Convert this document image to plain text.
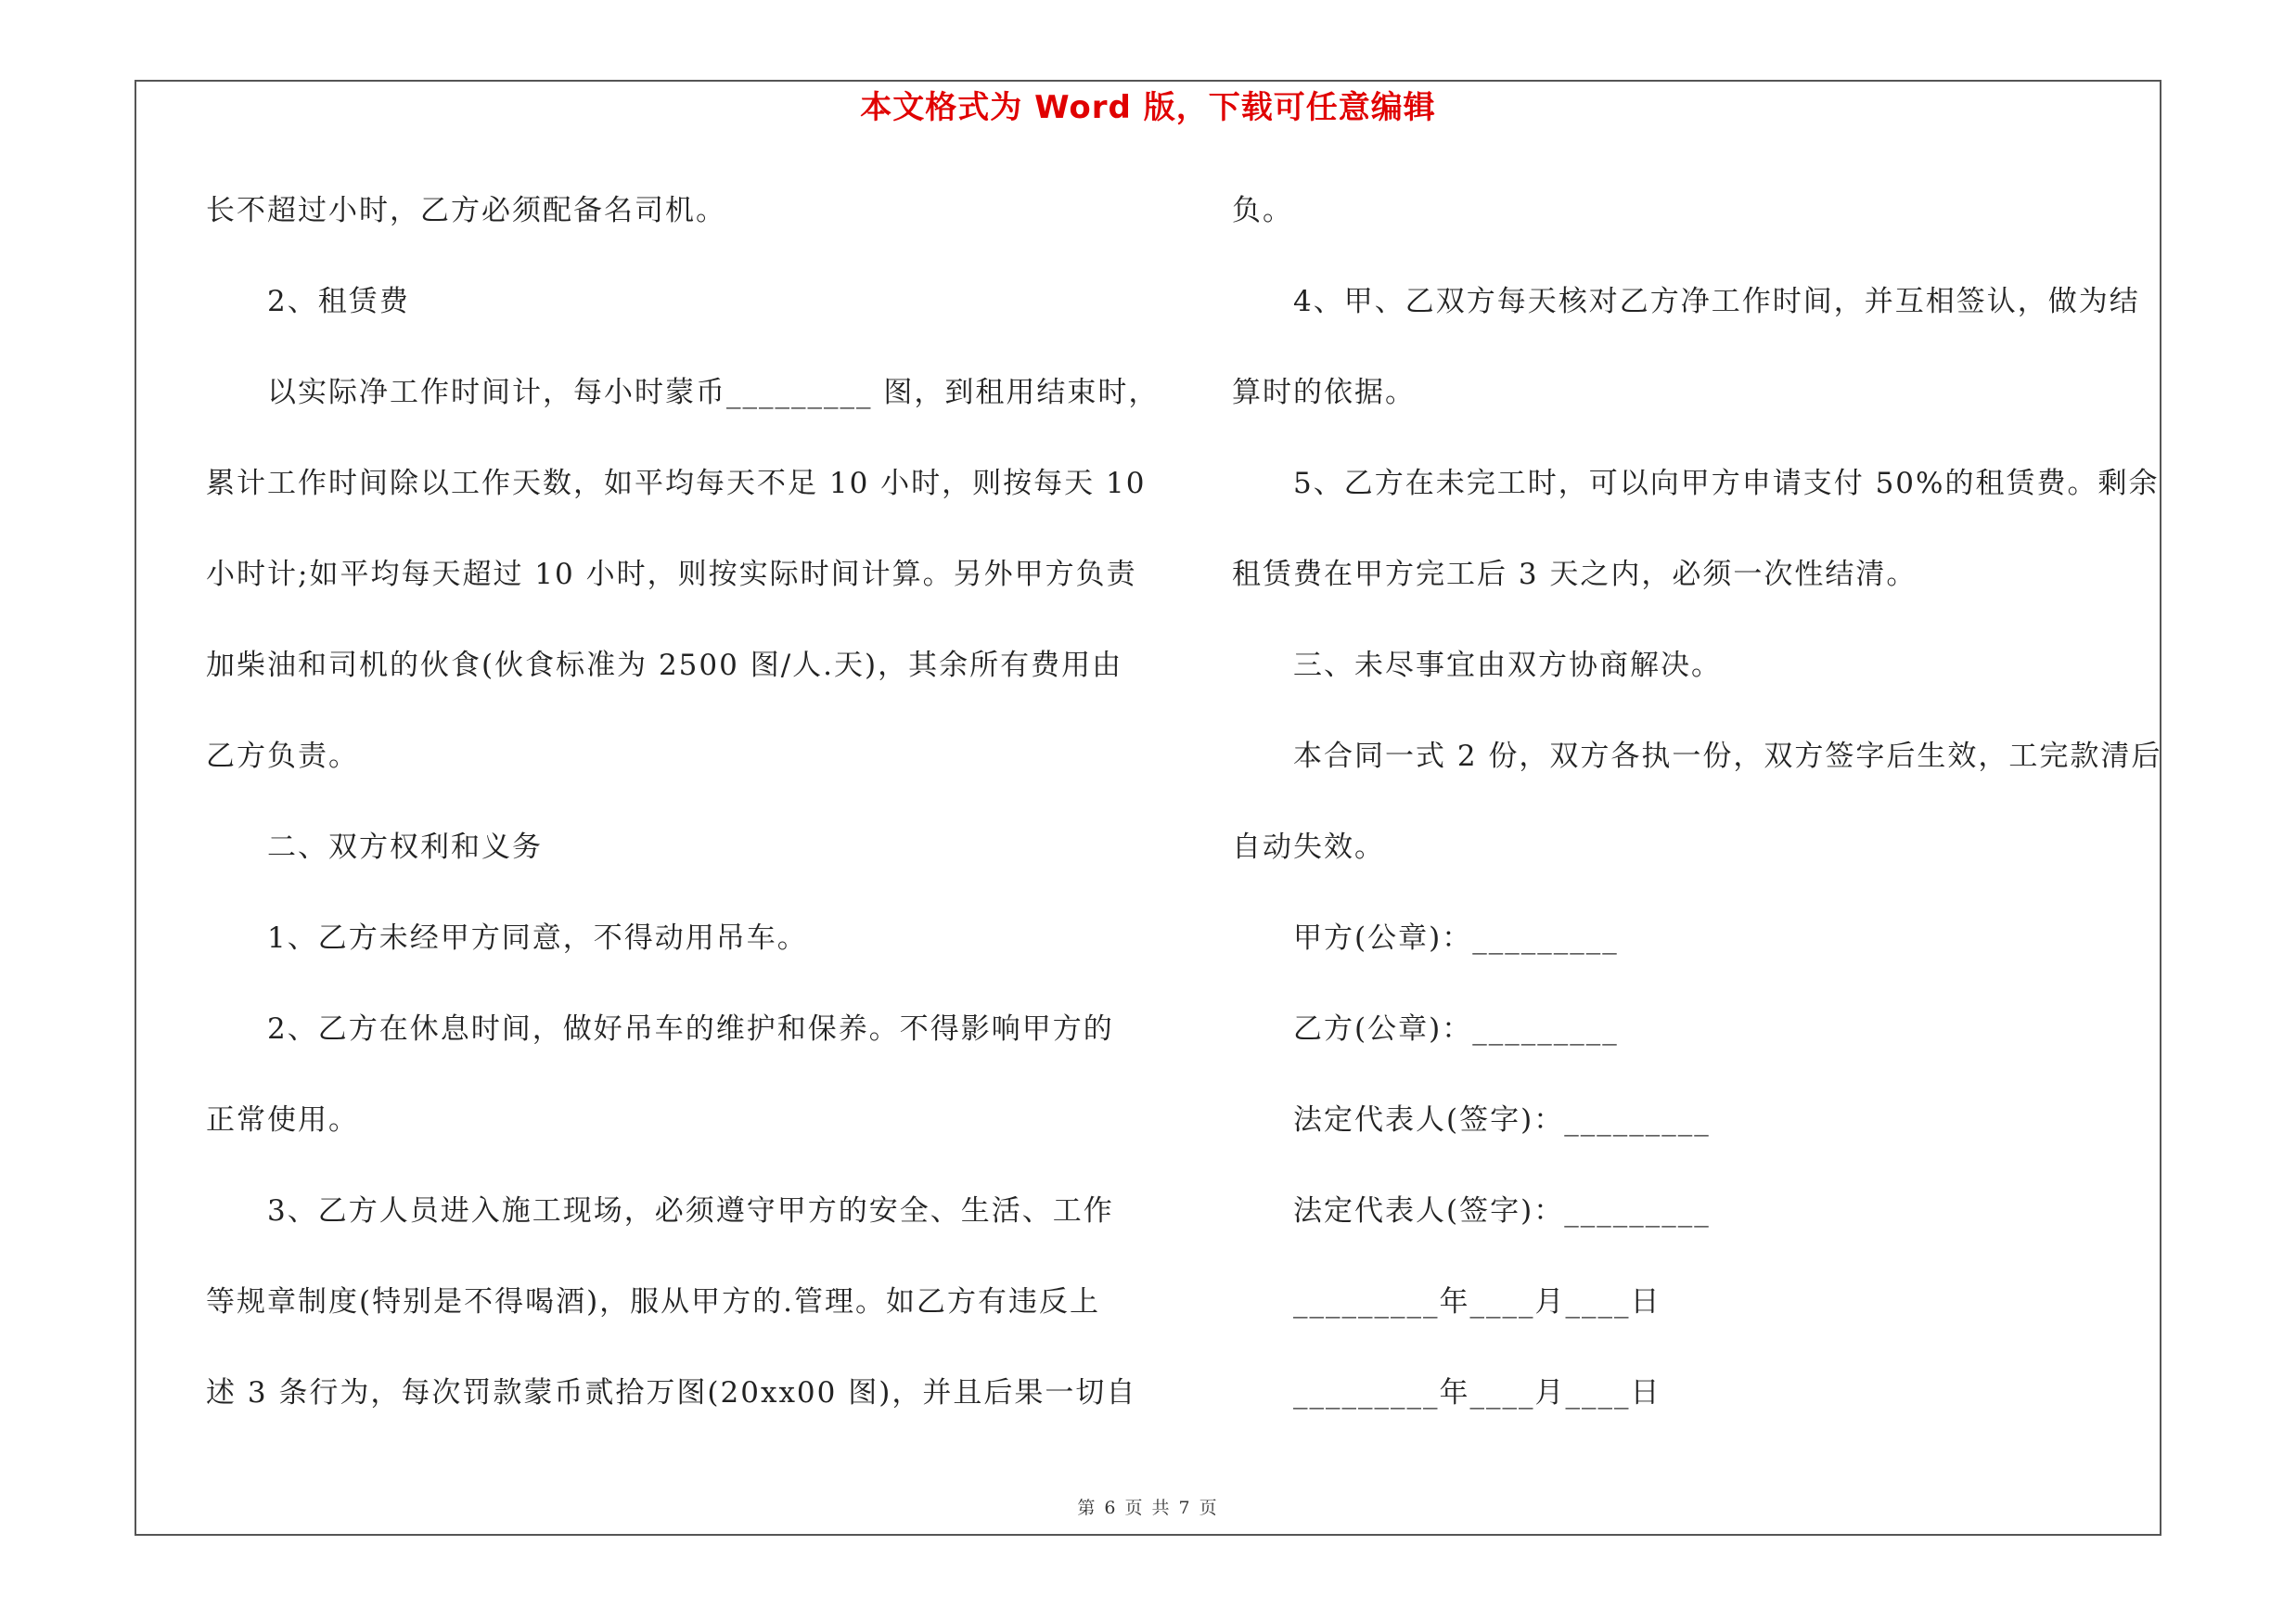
本文格式为 Word 版，下载可任意编辑
长不超过小时，乙方必须配备名司机。
2、租赁费
以实际净工作时间计，每小时蒙币_________ 图，到租用结束时，
累计工作时间除以工作天数，如平均每天不足 10 小时，则按每天 10
小时计;如平均每天超过 10 小时，则按实际时间计算。另外甲方负责
加柴油和司机的伙食(伙食标准为 2500 图/人.天)，其余所有费用由
乙方负责。
二、双方权利和义务
1、乙方未经甲方同意，不得动用吊车。
2、乙方在休息时间，做好吊车的维护和保养。不得影响甲方的
正常使用。
3、乙方人员进入施工现场，必须遵守甲方的安全、生活、工作
等规章制度(特别是不得喝酒)，服从甲方的.管理。如乙方有违反上
述 3 条行为，每次罚款蒙币贰拾万图(20xx00 图)，并且后果一切自
负。
4、甲、乙双方每天核对乙方净工作时间，并互相签认，做为结
算时的依据。
5、乙方在未完工时，可以向甲方申请支付 50%的租赁费。剩余
租赁费在甲方完工后 3 天之内，必须一次性结清。
三、未尽事宜由双方协商解决。
本合同一式 2 份，双方各执一份，双方签字后生效，工完款清后
自动失效。
甲方(公章)：_________
乙方(公章)：_________
法定代表人(签字)：_________
法定代表人(签字)：_________
_________年____月____日
_________年____月____日
第 6 页 共 7 页
